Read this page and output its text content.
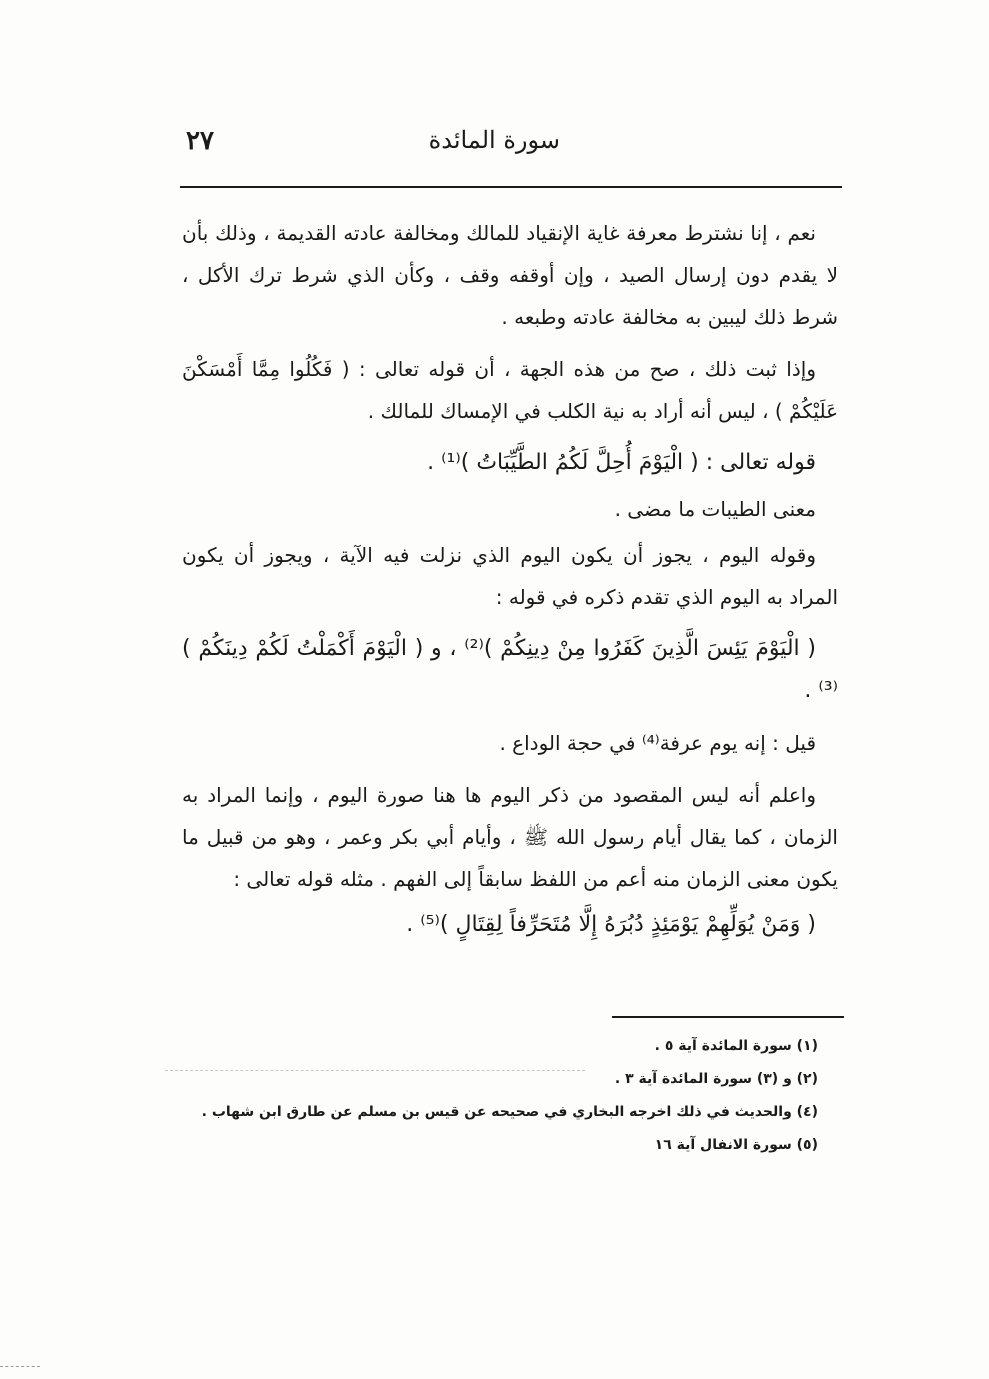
سورة المائدة
٢٧

نعم ، إنا نشترط معرفة غاية الإنقياد للمالك ومخالفة عادته القديمة ، وذلك بأن لا يقدم دون إرسال الصيد ، وإن أوقفه وقف ، وكأن الذي شرط ترك الأكل ، شرط ذلك ليبين به مخالفة عادته وطبعه .

وإذا ثبت ذلك ، صح من هذه الجهة ، أن قوله تعالى : ( فَكُلُوا مِمَّا أَمْسَكْنَ عَلَيْكُمْ ) ، ليس أنه أراد به نية الكلب في الإمساك للمالك .

قوله تعالى : ( الْيَوْمَ أُحِلَّ لَكُمُ الطَّيِّبَاتُ )⁽¹⁾ .

معنى الطيبات ما مضى .

وقوله اليوم ، يجوز أن يكون اليوم الذي نزلت فيه الآية ، ويجوز أن يكون المراد به اليوم الذي تقدم ذكره في قوله :

( الْيَوْمَ يَئِسَ الَّذِينَ كَفَرُوا مِنْ دِينِكُمْ )⁽²⁾ ، و ( الْيَوْمَ أَكْمَلْتُ لَكُمْ دِينَكُمْ )⁽³⁾ .

قيل : إنه يوم عرفة⁽⁴⁾ في حجة الوداع .

واعلم أنه ليس المقصود من ذكر اليوم ها هنا صورة اليوم ، وإنما المراد به الزمان ، كما يقال أيام رسول الله ﷺ ، وأيام أبي بكر وعمر ، وهو من قبيل ما يكون معنى الزمان منه أعم من اللفظ سابقاً إلى الفهم . مثله قوله تعالى :

( وَمَنْ يُوَلِّهِمْ يَوْمَئِذٍ دُبُرَهُ إِلَّا مُتَحَرِّفاً لِقِتَالٍ )⁽⁵⁾ .

(١) سورة المائدة آية ٥ .

(٢) و (٣) سورة المائدة آية ٣ .

(٤) والحديث في ذلك اخرجه البخاري في صحيحه عن قيس بن مسلم عن طارق ابن شهاب .

(٥) سورة الانفال آية ١٦
